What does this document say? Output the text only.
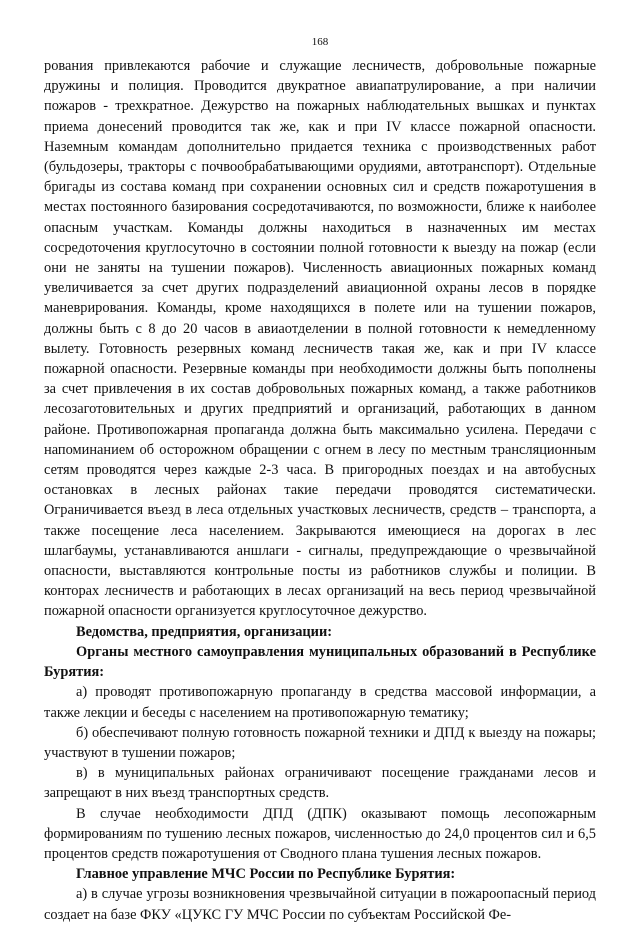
168

рования привлекаются рабочие и служащие лесничеств, добровольные пожарные дружины и полиция. Проводится двукратное авиапатрулирование, а при наличии пожаров - трехкратное. Дежурство на пожарных наблюдательных вышках и пунктах приема донесений проводится так же, как и при IV классе пожарной опасности. Наземным командам дополнительно придается техника с производственных работ (бульдозеры, тракторы с почвообрабатывающими орудиями, автотранспорт). Отдельные бригады из состава команд при сохранении основных сил и средств пожаротушения в местах постоянного базирования сосредотачиваются, по возможности, ближе к наиболее опасным участкам. Команды должны находиться в назначенных им местах сосредоточения круглосуточно в состоянии полной готовности к выезду на пожар (если они не заняты на тушении пожаров). Численность авиационных пожарных команд увеличивается за счет других подразделений авиационной охраны лесов в порядке маневрирования. Команды, кроме находящихся в полете или на тушении пожаров, должны быть с 8 до 20 часов в авиаотделении в полной готовности к немедленному вылету. Готовность резервных команд лесничеств такая же, как и при IV классе пожарной опасности. Резервные команды при необходимости должны быть пополнены за счет привлечения в их состав добровольных пожарных команд, а также работников лесозаготовительных и других предприятий и организаций, работающих в данном районе. Противопожарная пропаганда должна быть максимально усилена. Передачи с напоминанием об осторожном обращении с огнем в лесу по местным трансляционным сетям проводятся через каждые 2-3 часа. В пригородных поездах и на автобусных остановках в лесных районах такие передачи проводятся систематически. Ограничивается въезд в леса отдельных участковых лесничеств, средств – транспорта, а также посещение леса населением. Закрываются имеющиеся на дорогах в лес шлагбаумы, устанавливаются аншлаги - сигналы, предупреждающие о чрезвычайной опасности, выставляются контрольные посты из работников службы и полиции. В конторах лесничеств и работающих в лесах организаций на весь период чрезвычайной пожарной опасности организуется круглосуточное дежурство.

Ведомства, предприятия, организации:

Органы местного самоуправления муниципальных образований в Республике Бурятия:

а) проводят противопожарную пропаганду в средства массовой информации, а также лекции и беседы с населением на противопожарную тематику;

б) обеспечивают полную готовность пожарной техники и ДПД к выезду на пожары; участвуют в тушении пожаров;

в) в муниципальных районах ограничивают посещение гражданами лесов и запрещают в них въезд транспортных средств.

В случае необходимости ДПД (ДПК) оказывают помощь лесопожарным формированиям по тушению лесных пожаров, численностью до 24,0 процентов сил и 6,5 процентов средств пожаротушения от Сводного плана тушения лесных пожаров.

Главное управление МЧС России по Республике Бурятия:

а) в случае угрозы возникновения чрезвычайной ситуации в пожароопасный период создает на базе ФКУ «ЦУКС ГУ МЧС России по субъектам Российской Фе-
